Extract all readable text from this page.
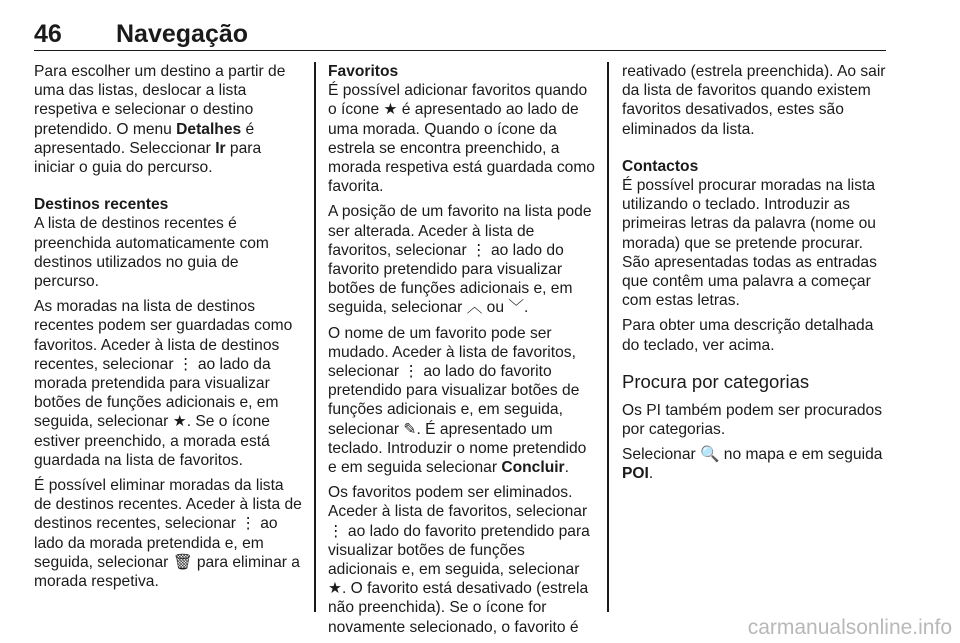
46 Navegação

Para escolher um destino a partir de uma das listas, deslocar a lista respetiva e selecionar o destino pretendido. O menu Detalhes é apresentado. Seleccionar Ir para iniciar o guia do percurso.

Destinos recentes

A lista de destinos recentes é preenchida automaticamente com destinos utilizados no guia de percurso.

As moradas na lista de destinos recentes podem ser guardadas como favoritos. Aceder à lista de destinos recentes, selecionar ⋮ ao lado da morada pretendida para visualizar botões de funções adicionais e, em seguida, selecionar ★. Se o ícone estiver preenchido, a morada está guardada na lista de favoritos.

É possível eliminar moradas da lista de destinos recentes. Aceder à lista de destinos recentes, selecionar ⋮ ao lado da morada pretendida e, em seguida, selecionar 🗑 para eliminar a morada respetiva.

Favoritos

É possível adicionar favoritos quando o ícone ★ é apresentado ao lado de uma morada. Quando o ícone da estrela se encontra preenchido, a morada respetiva está guardada como favorita.

A posição de um favorito na lista pode ser alterada. Aceder à lista de favoritos, selecionar ⋮ ao lado do favorito pretendido para visualizar botões de funções adicionais e, em seguida, selecionar ︿ ou ﹀.

O nome de um favorito pode ser mudado. Aceder à lista de favoritos, selecionar ⋮ ao lado do favorito pretendido para visualizar botões de funções adicionais e, em seguida, selecionar ✎. É apresentado um teclado. Introduzir o nome pretendido e em seguida selecionar Concluir.

Os favoritos podem ser eliminados. Aceder à lista de favoritos, selecionar ⋮ ao lado do favorito pretendido para visualizar botões de funções adicionais e, em seguida, selecionar ★. O favorito está desativado (estrela não preenchida). Se o ícone for novamente selecionado, o favorito é

reativado (estrela preenchida). Ao sair da lista de favoritos quando existem favoritos desativados, estes são eliminados da lista.

Contactos

É possível procurar moradas na lista utilizando o teclado. Introduzir as primeiras letras da palavra (nome ou morada) que se pretende procurar. São apresentadas todas as entradas que contêm uma palavra a começar com estas letras.

Para obter uma descrição detalhada do teclado, ver acima.

Procura por categorias

Os PI também podem ser procurados por categorias.

Selecionar 🔍 no mapa e em seguida POI.

carmanualsonline.info
